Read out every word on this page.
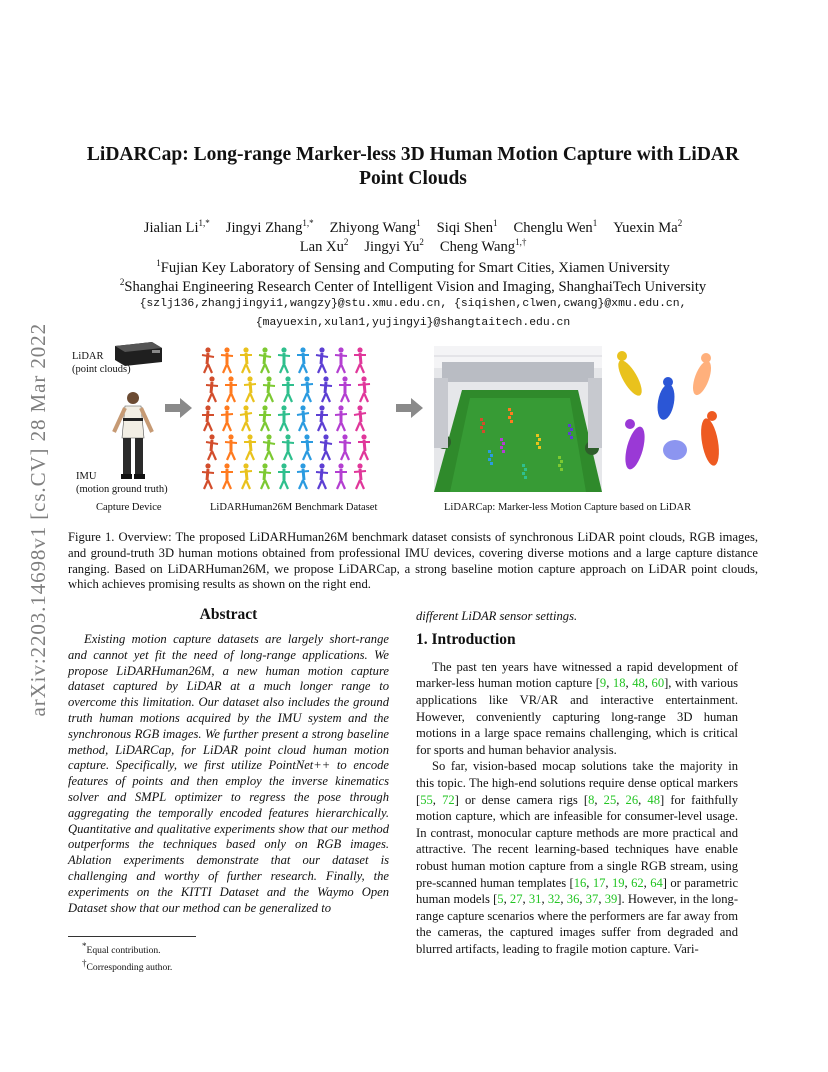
arXiv:2203.14698v1 [cs.CV] 28 Mar 2022
LiDARCap: Long-range Marker-less 3D Human Motion Capture with LiDAR Point Clouds
Jialian $Li^{1,*}$ Jingyi Zhang$^{1,*}$ Zhiyong Wang$^1$ Siqi Shen$^1$ Chenglu Wen$^1$ Yuexin Ma$^2$
Lan Xu$^2$ Jingyi Yu$^2$ Cheng Wang$^{1,\dagger}$
$^1$Fujian Key Laboratory of Sensing and Computing for Smart Cities, Xiamen University
$^2$Shanghai Engineering Research Center of Intelligent Vision and Imaging, ShanghaiTech University
{szlj136,zhangjingyi1,wangzy}@stu.xmu.edu.cn, {siqishen,clwen,cwang}@xmu.edu.cn,
{mayuexin,xulan1,yujingyi}@shangtaitech.edu.cn
LiDAR
(point clouds)
IMU
(motion ground truth)
Capture Device	LiDARHuman26M Benchmark Dataset	LiDARCap: Marker-less Motion Capture based on LiDAR
Figure 1. Overview: The proposed LiDARHuman26M benchmark dataset consists of synchronous LiDAR point clouds, RGB images, and ground-truth 3D human motions obtained from professional IMU devices, covering diverse motions and a large capture distance ranging. Based on LiDARHuman26M, we propose LiDARCap, a strong baseline motion capture approach on LiDAR point clouds, which achieves promising results as shown on the right end.
Abstract

Existing motion capture datasets are largely short-range and cannot yet fit the need of long-range applications. We propose LiDARHuman26M, a new human motion capture dataset captured by LiDAR at a much longer range to overcome this limitation. Our dataset also includes the ground truth human motions acquired by the IMU system and the synchronous RGB images. We further present a strong baseline method, LiDARCap, for LiDAR point cloud human motion capture. Specifically, we first utilize PointNet++ to encode features of points and then employ the inverse kinematics solver and SMPL optimizer to regress the pose through aggregating the temporally encoded features hierarchically. Quantitative and qualitative experiments show that our method outperforms the techniques based only on RGB images. Ablation experiments demonstrate that our dataset is challenging and worthy of further research. Finally, the experiments on the KITTI Dataset and the Waymo Open Dataset show that our method can be generalized to

*Equal contribution.
†Corresponding author.

different LiDAR sensor settings.

1. Introduction

The past ten years have witnessed a rapid development of marker-less human motion capture [9, 18, 48, 60], with various applications like VR/AR and interactive entertainment. However, conveniently capturing long-range 3D human motions in a large space remains challenging, which is critical for sports and human behavior analysis.

So far, vision-based mocap solutions take the majority in this topic. The high-end solutions require dense optical markers [55, 72] or dense camera rigs [8, 25, 26, 48] for faithfully motion capture, which are infeasible for consumer-level usage. In contrast, monocular capture methods are more practical and attractive. The recent learning-based techniques have enable robust human motion capture from a single RGB stream, using pre-scanned human templates [16, 17, 19, 62, 64] or parametric human models [5, 27, 31, 32, 36, 37, 39]. However, in the long-range capture scenarios where the performers are far away from the cameras, the captured images suffer from degraded and blurred artifacts, leading to fragile motion capture. Vari-
